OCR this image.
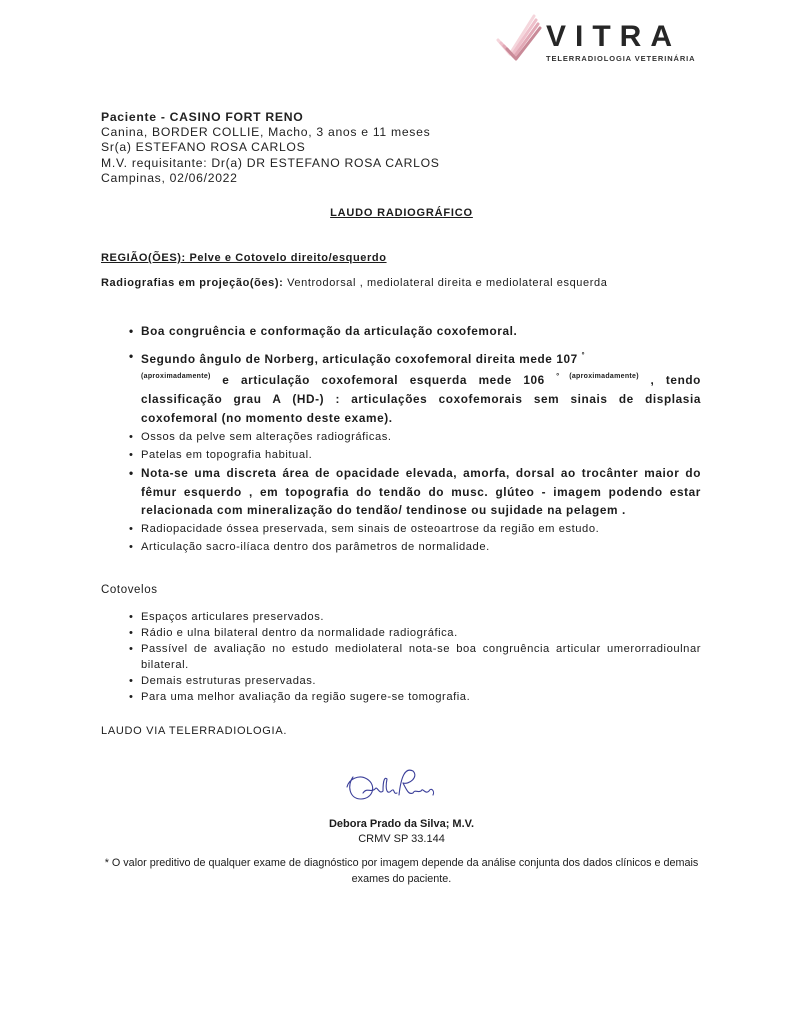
VITRA
TELERRADIOLOGIA VETERINÁRIA
Paciente - CASINO FORT RENO
Canina, BORDER COLLIE, Macho, 3 anos e 11 meses
Sr(a) ESTEFANO ROSA CARLOS
M.V. requisitante: Dr(a) DR ESTEFANO ROSA CARLOS
Campinas, 02/06/2022
LAUDO RADIOGRÁFICO
REGIÃO(ÕES): Pelve e Cotovelo direito/esquerdo
Radiografias em projeção(ões): Ventrodorsal , mediolateral direita e mediolateral esquerda
• Boa congruência e conformação da articulação coxofemoral.
• Segundo ângulo de Norberg, articulação coxofemoral direita mede 107 $^º$
$^{(aproximadamente)}$ e articulação coxofemoral esquerda mede 106 $^{º (aproximadamente)}$ , tendo classificação grau A (HD-) : articulações coxofemorais sem sinais de displasia coxofemoral (no momento deste exame).
• Ossos da pelve sem alterações radiográficas.
• Patelas em topografia habitual.
• Nota-se uma discreta área de opacidade elevada, amorfa, dorsal ao trocânter maior do fêmur esquerdo , em topografia do tendão do musc. glúteo - imagem podendo estar relacionada com mineralização do tendão/ tendinose ou sujidade na pelagem .
• Radiopacidade óssea preservada, sem sinais de osteoartrose da região em estudo.
• Articulação sacro-ilíaca dentro dos parâmetros de normalidade.
Cotovelos
• Espaços articulares preservados.
• Rádio e ulna bilateral dentro da normalidade radiográfica.
• Passível de avaliação no estudo mediolateral nota-se boa congruência articular umerorradioulnar bilateral.
• Demais estruturas preservadas.
• Para uma melhor avaliação da região sugere-se tomografia.
LAUDO VIA TELERRADIOLOGIA.
Debora Prado da Silva; M.V.
CRMV SP 33.144
* O valor preditivo de qualquer exame de diagnóstico por imagem depende da análise conjunta dos dados clínicos e demais exames do paciente.
